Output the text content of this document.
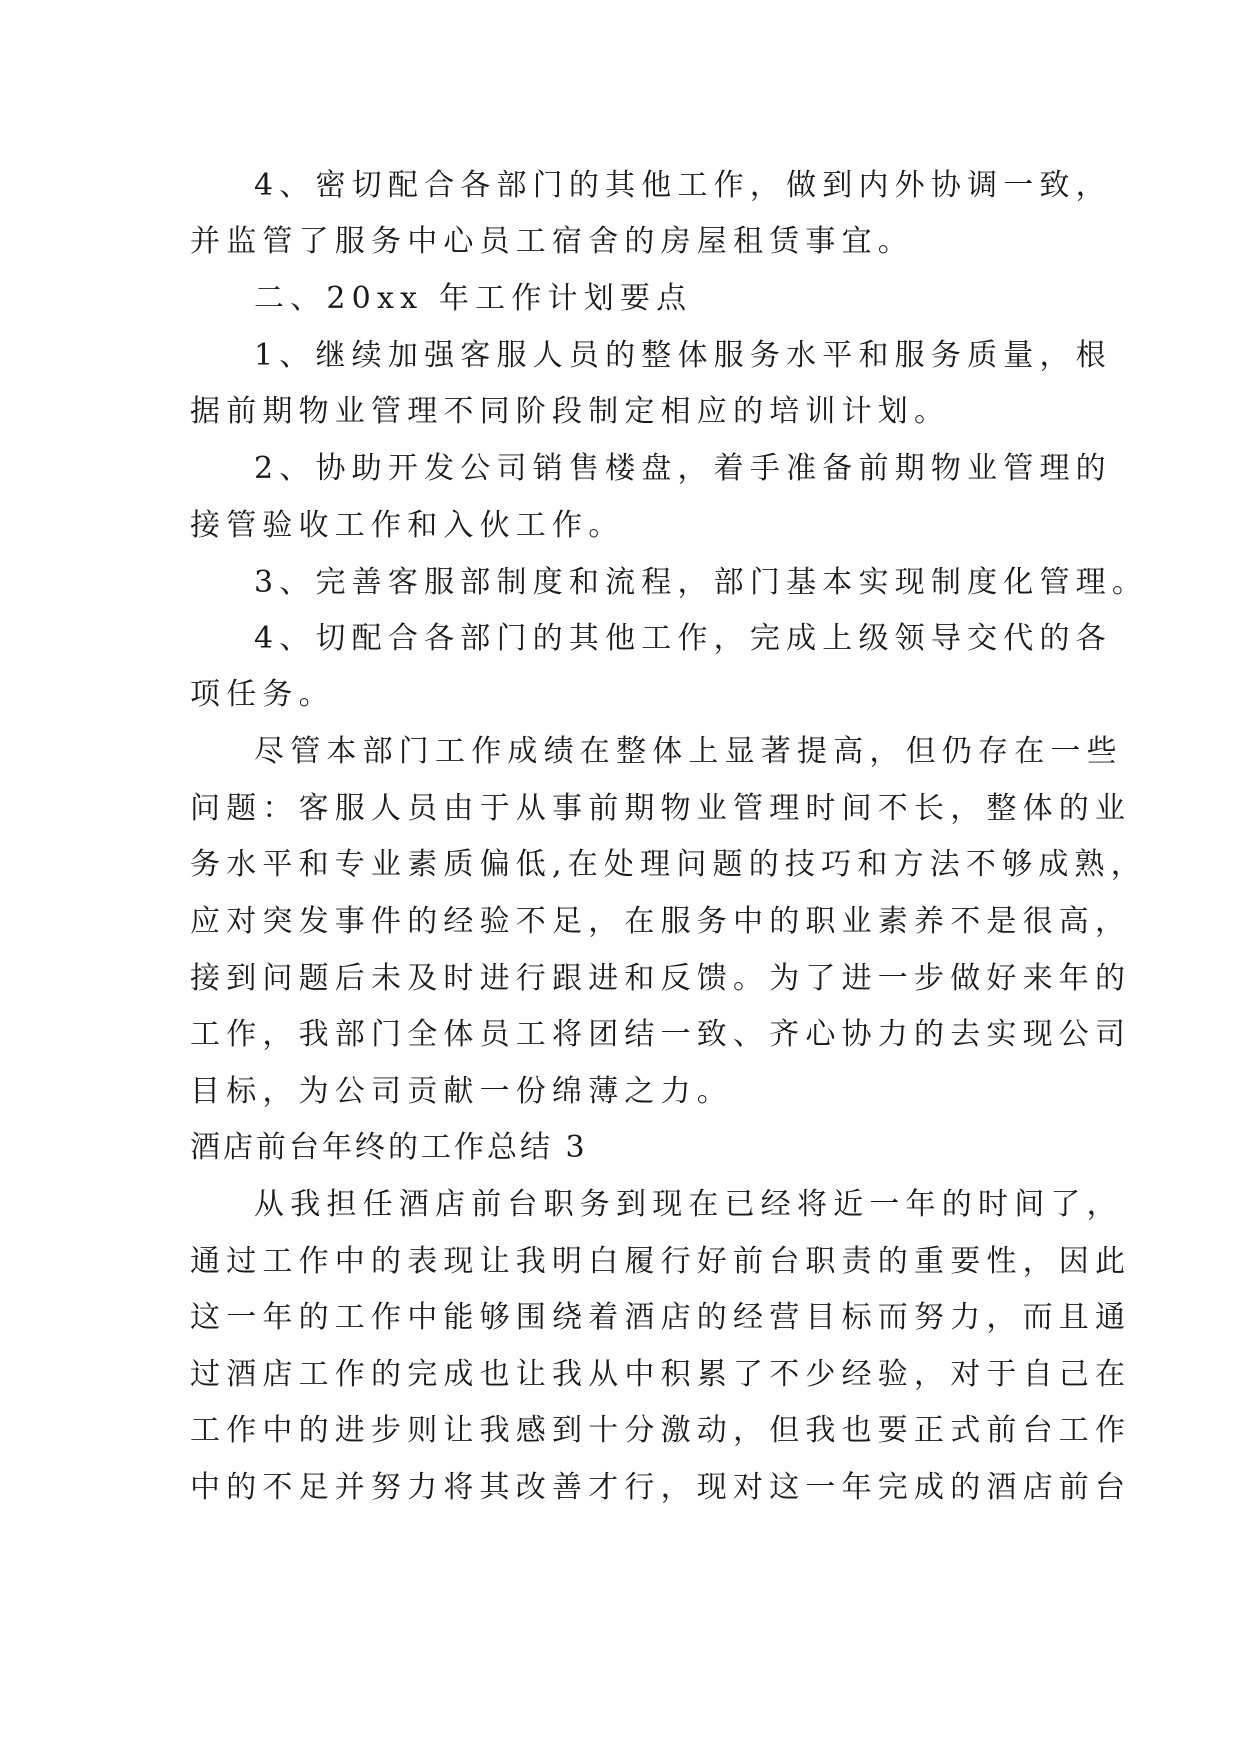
4、密切配合各部门的其他工作，做到内外协调一致，

并监管了服务中心员工宿舍的房屋租赁事宜。

二、20xx 年工作计划要点

1、继续加强客服人员的整体服务水平和服务质量，根

据前期物业管理不同阶段制定相应的培训计划。

2、协助开发公司销售楼盘，着手准备前期物业管理的

接管验收工作和入伙工作。

3、完善客服部制度和流程，部门基本实现制度化管理。

4、切配合各部门的其他工作，完成上级领导交代的各

项任务。

尽管本部门工作成绩在整体上显著提高，但仍存在一些

问题：客服人员由于从事前期物业管理时间不长，整体的业

务水平和专业素质偏低,在处理问题的技巧和方法不够成熟，

应对突发事件的经验不足，在服务中的职业素养不是很高，

接到问题后未及时进行跟进和反馈。为了进一步做好来年的

工作，我部门全体员工将团结一致、齐心协力的去实现公司

目标，为公司贡献一份绵薄之力。

酒店前台年终的工作总结 3

从我担任酒店前台职务到现在已经将近一年的时间了，

通过工作中的表现让我明白履行好前台职责的重要性，因此

这一年的工作中能够围绕着酒店的经营目标而努力，而且通

过酒店工作的完成也让我从中积累了不少经验，对于自己在

工作中的进步则让我感到十分激动，但我也要正式前台工作

中的不足并努力将其改善才行，现对这一年完成的酒店前台
